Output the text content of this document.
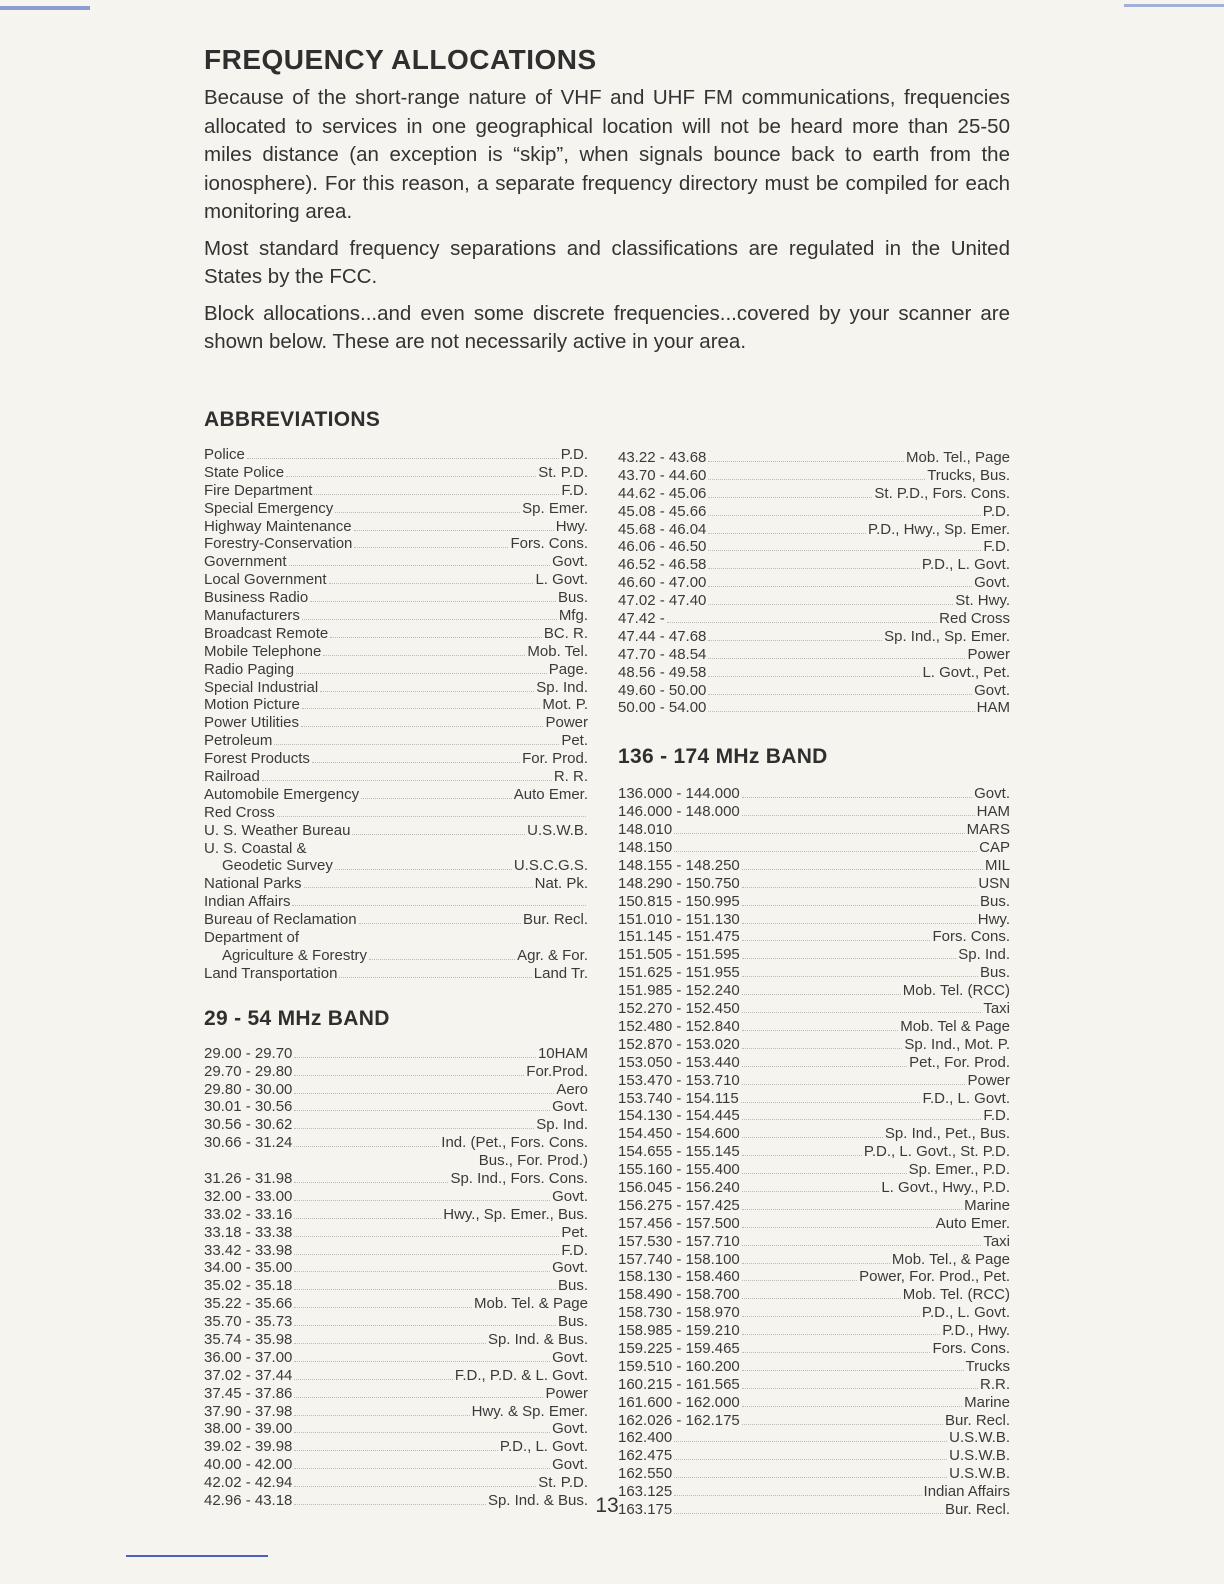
FREQUENCY ALLOCATIONS

Because of the short-range nature of VHF and UHF FM communications, frequencies allocated to services in one geographical location will not be heard more than 25-50 miles distance (an exception is “skip”, when signals bounce back to earth from the ionosphere). For this reason, a separate frequency directory must be compiled for each monitoring area.

Most standard frequency separations and classifications are regulated in the United States by the FCC.

Block allocations...and even some discrete frequencies...covered by your scanner are shown below. These are not necessarily active in your area.

ABBREVIATIONS
Police	P.D.
State Police	St. P.D.
Fire Department	F.D.
Special Emergency	Sp. Emer.
Highway Maintenance	Hwy.
Forestry-Conservation	Fors. Cons.
Government	Govt.
Local Government	L. Govt.
Business Radio	Bus.
Manufacturers	Mfg.
Broadcast Remote	BC. R.
Mobile Telephone	Mob. Tel.
Radio Paging	Page.
Special Industrial	Sp. Ind.
Motion Picture	Mot. P.
Power Utilities	Power
Petroleum	Pet.
Forest Products	For. Prod.
Railroad	R. R.
Automobile Emergency	Auto Emer.
Red Cross
U. S. Weather Bureau	U.S.W.B.
U. S. Coastal &
Geodetic Survey	U.S.C.G.S.
National Parks	Nat. Pk.
Indian Affairs
Bureau of Reclamation	Bur. Recl.
Department of
Agriculture & Forestry	Agr. & For.
Land Transportation	Land Tr.
29 - 54 MHz BAND
29.00 - 29.70	10HAM
29.70 - 29.80	For.Prod.
29.80 - 30.00	Aero
30.01 - 30.56	Govt.
30.56 - 30.62	Sp. Ind.
30.66 - 31.24	Ind. (Pet., Fors. Cons.
Bus., For. Prod.)
31.26 - 31.98	Sp. Ind., Fors. Cons.
32.00 - 33.00	Govt.
33.02 - 33.16	Hwy., Sp. Emer., Bus.
33.18 - 33.38	Pet.
33.42 - 33.98	F.D.
34.00 - 35.00	Govt.
35.02 - 35.18	Bus.
35.22 - 35.66	Mob. Tel. & Page
35.70 - 35.73	Bus.
35.74 - 35.98	Sp. Ind. & Bus.
36.00 - 37.00	Govt.
37.02 - 37.44	F.D., P.D. & L. Govt.
37.45 - 37.86	Power
37.90 - 37.98	Hwy. & Sp. Emer.
38.00 - 39.00	Govt.
39.02 - 39.98	P.D., L. Govt.
40.00 - 42.00	Govt.
42.02 - 42.94	St. P.D.
42.96 - 43.18	Sp. Ind. & Bus.
43.22 - 43.68	Mob. Tel., Page
43.70 - 44.60	Trucks, Bus.
44.62 - 45.06	St. P.D., Fors. Cons.
45.08 - 45.66	P.D.
45.68 - 46.04	P.D., Hwy., Sp. Emer.
46.06 - 46.50	F.D.
46.52 - 46.58	P.D., L. Govt.
46.60 - 47.00	Govt.
47.02 - 47.40	St. Hwy.
47.42 -	Red Cross
47.44 - 47.68	Sp. Ind., Sp. Emer.
47.70 - 48.54	Power
48.56 - 49.58	L. Govt., Pet.
49.60 - 50.00	Govt.
50.00 - 54.00	HAM
136 - 174 MHz BAND
136.000 - 144.000	Govt.
146.000 - 148.000	HAM
148.010	MARS
148.150	CAP
148.155 - 148.250	MIL
148.290 - 150.750	USN
150.815 - 150.995	Bus.
151.010 - 151.130	Hwy.
151.145 - 151.475	Fors. Cons.
151.505 - 151.595	Sp. Ind.
151.625 - 151.955	Bus.
151.985 - 152.240	Mob. Tel. (RCC)
152.270 - 152.450	Taxi
152.480 - 152.840	Mob. Tel & Page
152.870 - 153.020	Sp. Ind., Mot. P.
153.050 - 153.440	Pet., For. Prod.
153.470 - 153.710	Power
153.740 - 154.115	F.D., L. Govt.
154.130 - 154.445	F.D.
154.450 - 154.600	Sp. Ind., Pet., Bus.
154.655 - 155.145	P.D., L. Govt., St. P.D.
155.160 - 155.400	Sp. Emer., P.D.
156.045 - 156.240	L. Govt., Hwy., P.D.
156.275 - 157.425	Marine
157.456 - 157.500	Auto Emer.
157.530 - 157.710	Taxi
157.740 - 158.100	Mob. Tel., & Page
158.130 - 158.460	Power, For. Prod., Pet.
158.490 - 158.700	Mob. Tel. (RCC)
158.730 - 158.970	P.D., L. Govt.
158.985 - 159.210	P.D., Hwy.
159.225 - 159.465	Fors. Cons.
159.510 - 160.200	Trucks
160.215 - 161.565	R.R.
161.600 - 162.000	Marine
162.026 - 162.175	Bur. Recl.
162.400	U.S.W.B.
162.475	U.S.W.B.
162.550	U.S.W.B.
163.125	Indian Affairs
163.175	Bur. Recl.
13
